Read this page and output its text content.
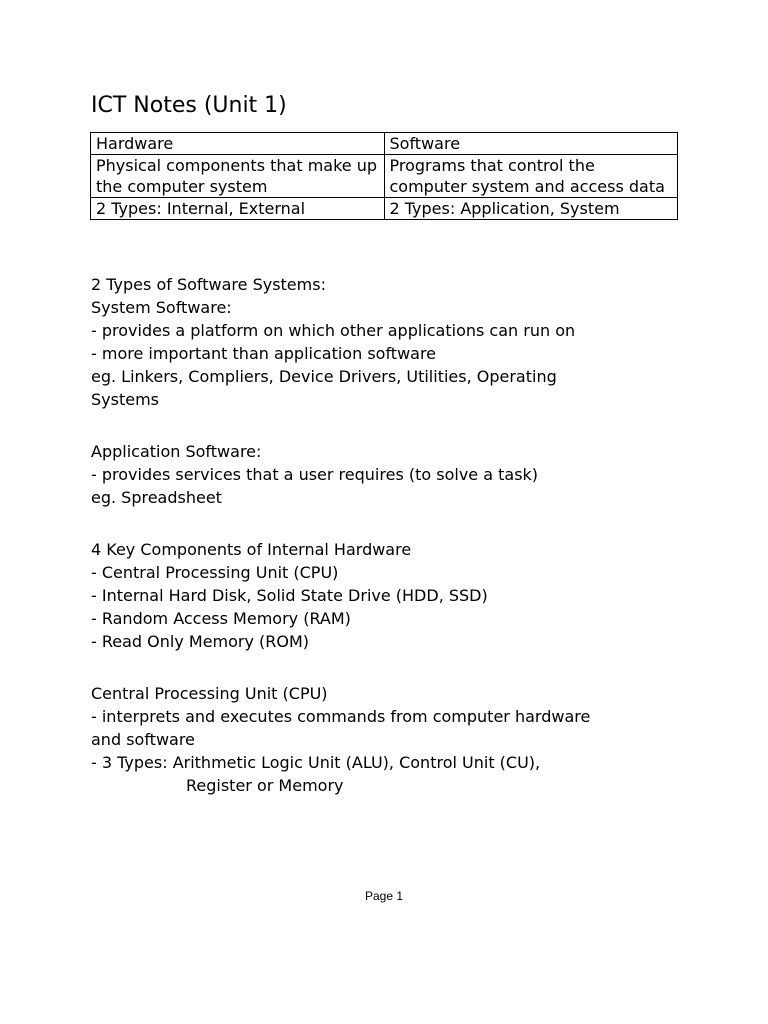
ICT Notes (Unit 1)
Hardware	Software
Physical components that make up the computer system	Programs that control the computer system and access data
2 Types: Internal, External	2 Types: Application, System
2 Types of Software Systems:
System Software:
- provides a platform on which other applications can run on
- more important than application software
eg. Linkers, Compliers, Device Drivers, Utilities, Operating
Systems
Application Software:
- provides services that a user requires (to solve a task)
eg. Spreadsheet
4 Key Components of Internal Hardware
- Central Processing Unit (CPU)
- Internal Hard Disk, Solid State Drive (HDD, SSD)
- Random Access Memory (RAM)
- Read Only Memory (ROM)
Central Processing Unit (CPU)
- interprets and executes commands from computer hardware
and software
- 3 Types: Arithmetic Logic Unit (ALU), Control Unit (CU),
Register or Memory
Page 1
